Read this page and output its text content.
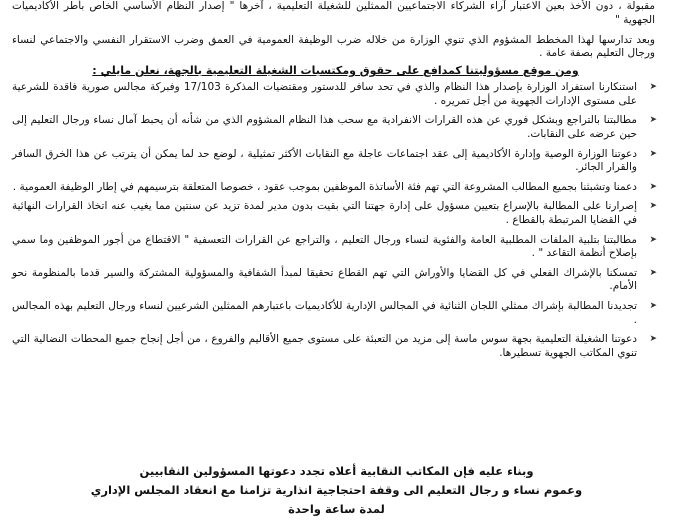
مقبولة ، دون الأخذ بعين الاعتبار آراء الشركاء الاجتماعيين الممثلين للشغيلة التعليمية ، آخرها " إصدار النظام الأساسي الخاص بأطر الأكاديميات الجهوية "

وبعد تدارسها لهذا المخطط المشؤوم الذي تنوي الوزارة من خلاله ضرب الوظيفة العمومية في العمق وضرب الاستقرار النفسي والاجتماعي لنساء ورجال التعليم بصفة عامة .

ومن موقع مسؤوليتنا كمدافع على حقوق ومكتسبات الشغيلة التعليمية بالجهة، نعلن مايلي :
➤
استنكارنا استفراد الوزارة بإصدار هذا النظام والذي في تحد سافر للدستور ومقتضيات المذكرة 17/103 وفبركة مجالس صورية فاقدة للشرعية على مستوى الإدارات الجهوية من أجل تمريره .
➤
مطالبتنا بالتراجع وبشكل فوري عن هذه القرارات الانفرادية مع سحب هذا النظام المشؤوم الذي من شأنه أن يحبط آمال نساء ورجال التعليم إلى حين عرضه على النقابات.
➤
دعوتنا الوزارة الوصية وإدارة الأكاديمية إلى عقد اجتماعات عاجلة مع النقابات الأكثر تمثيلية ، لوضع حد لما يمكن أن يترتب عن هذا الخرق السافر والقرار الجائر.
➤
دعمنا وتشبثنا بجميع المطالب المشروعة التي تهم فئة الأساتذة الموظفين بموجب عقود ، خصوصا المتعلقة بترسيمهم في إطار الوظيفة العمومية .
➤
إصرارنا على المطالبة بالإسراع بتعيين مسؤول على إدارة جهتنا التي بقيت بدون مدير لمدة تزيد عن سنتين مما يغيب عنه اتخاذ القرارات النهائية في القضايا المرتبطة بالقطاع .
➤
مطالبتنا بتلبية الملفات المطلبية العامة والفئوية لنساء ورجال التعليم ، والتراجع عن القرارات التعسفية " الاقتطاع من أجور الموظفين وما سمي بإصلاح أنظمة التقاعد " .
➤
تمسكنا بالإشراك الفعلي في كل القضايا والأوراش التي تهم القطاع تحقيقا لمبدأ الشفافية والمسؤولية المشتركة والسير قدما بالمنظومة نحو الأمام.
➤
تجديدنا المطالبة بإشراك ممثلي اللجان الثنائية في المجالس الإدارية للأكاديميات باعتبارهم الممثلين الشرعيين لنساء ورجال التعليم بهذه المجالس .
➤
دعوتنا الشغيلة التعليمية بجهة سوس ماسة إلى مزيد من التعبئة على مستوى جميع الأقاليم والفروع ، من أجل إنجاح جميع المحطات النضالية التي تنوي المكاتب الجهوية تسطيرها.
وبناء عليه فإن المكاتب النقابية أعلاه تجدد دعوتها المسؤولين النقابيين
وعموم نساء و رجال التعليم الى وقفة احتجاجية انذارية تزامنا مع انعقاد المجلس الإداري
لمدة ساعة واحدة
